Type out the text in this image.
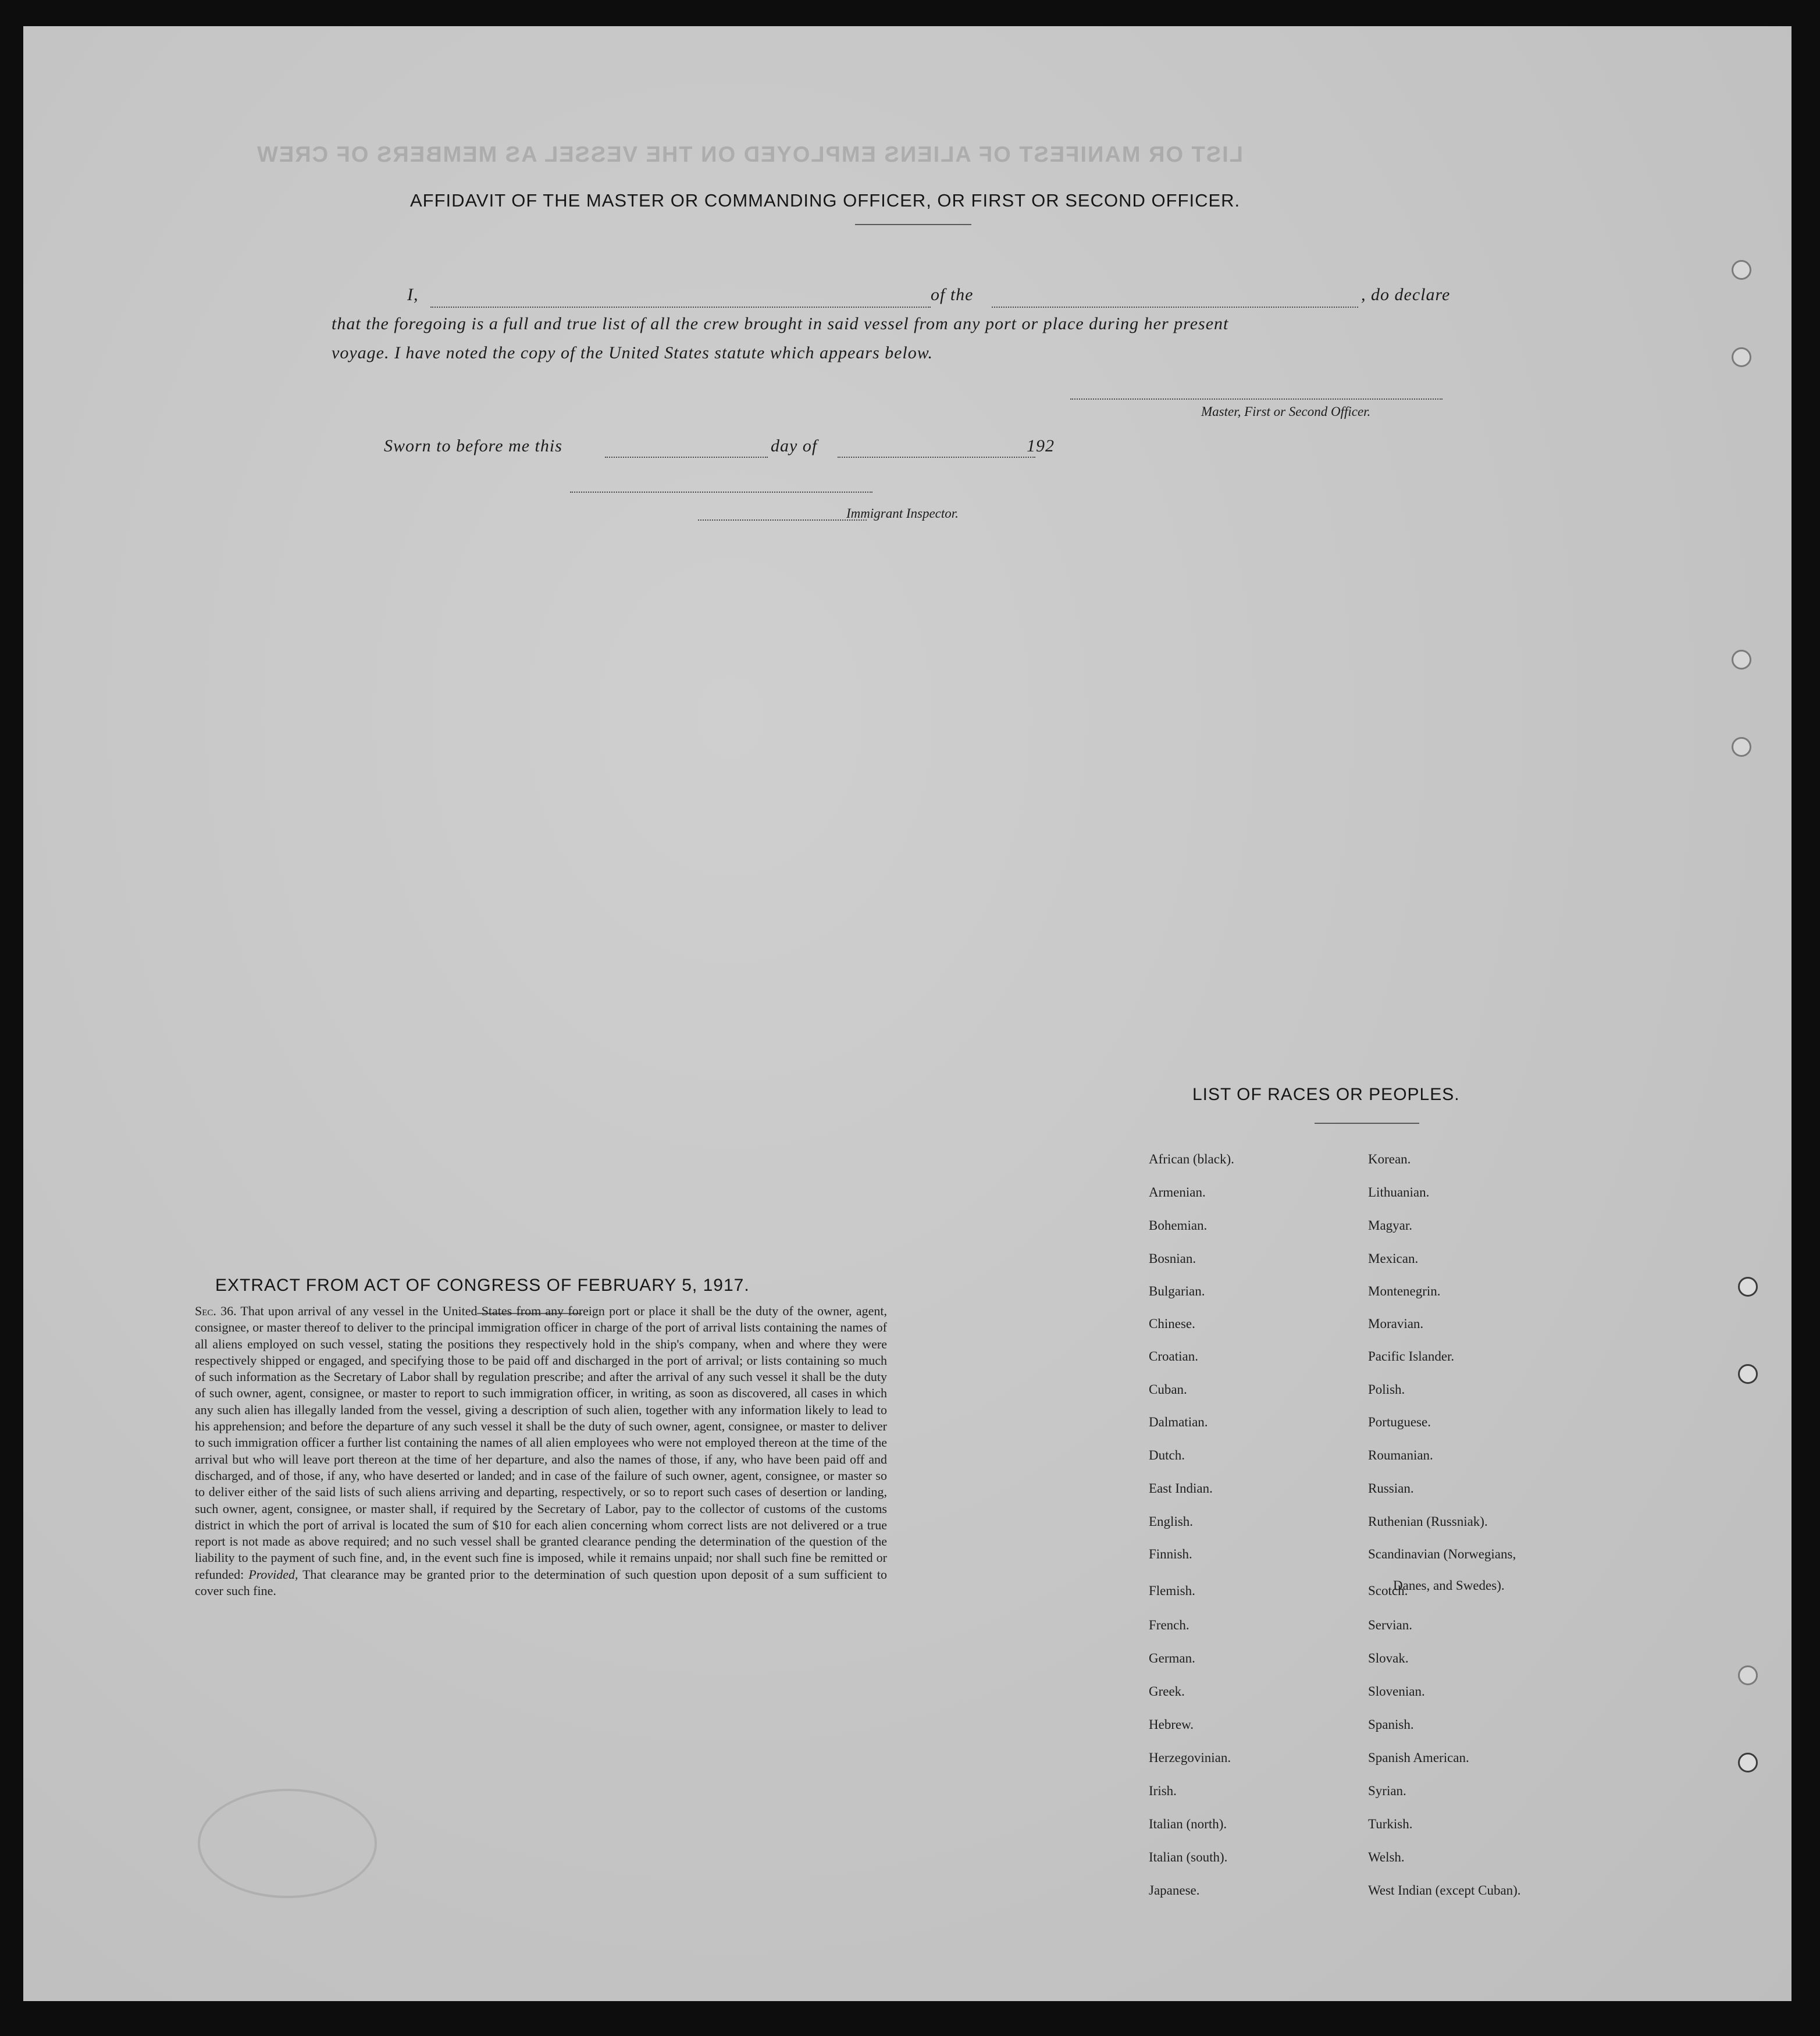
LIST OR MANIFEST OF ALIENS EMPLOYED ON THE VESSEL AS MEMBERS OF CREW
AFFIDAVIT OF THE MASTER OR COMMANDING OFFICER, OR FIRST OR SECOND OFFICER.
I,	of the	, do declare
that the foregoing is a full and true list of all the crew brought in said vessel from any port or place during her present
voyage. I have noted the copy of the United States statute which appears below.
Master, First or Second Officer.
Sworn to before me this	day of	192
Immigrant Inspector.
EXTRACT FROM ACT OF CONGRESS OF FEBRUARY 5, 1917.
Sec. 36. That upon arrival of any vessel in the United States from any foreign port or place it shall be the duty of the owner, agent, consignee, or master thereof to deliver to the principal immigration officer in charge of the port of arrival lists containing the names of all aliens employed on such vessel, stating the positions they respectively hold in the ship's company, when and where they were respectively shipped or engaged, and specifying those to be paid off and discharged in the port of arrival; or lists containing so much of such information as the Secretary of Labor shall by regulation prescribe; and after the arrival of any such vessel it shall be the duty of such owner, agent, consignee, or master to report to such immigration officer, in writing, as soon as discovered, all cases in which any such alien has illegally landed from the vessel, giving a description of such alien, together with any information likely to lead to his apprehension; and before the departure of any such vessel it shall be the duty of such owner, agent, consignee, or master to deliver to such immigration officer a further list containing the names of all alien employees who were not employed thereon at the time of the arrival but who will leave port thereon at the time of her departure, and also the names of those, if any, who have been paid off and discharged, and of those, if any, who have deserted or landed; and in case of the failure of such owner, agent, consignee, or master so to deliver either of the said lists of such aliens arriving and departing, respectively, or so to report such cases of desertion or landing, such owner, agent, consignee, or master shall, if required by the Secretary of Labor, pay to the collector of customs of the customs district in which the port of arrival is located the sum of $10 for each alien concerning whom correct lists are not delivered or a true report is not made as above required; and no such vessel shall be granted clearance pending the determination of the question of the liability to the payment of such fine, and, in the event such fine is imposed, while it remains unpaid; nor shall such fine be remitted or refunded: Provided, That clearance may be granted prior to the determination of such question upon deposit of a sum sufficient to cover such fine.
LIST OF RACES OR PEOPLES.
Danes, and Swedes).
African (black).
Armenian.
Bohemian.
Bosnian.
Bulgarian.
Chinese.
Croatian.
Cuban.
Dalmatian.
Dutch.
East Indian.
English.
Finnish.
Flemish.
French.
German.
Greek.
Hebrew.
Herzegovinian.
Irish.
Italian (north).
Italian (south).
Japanese.
Korean.
Lithuanian.
Magyar.
Mexican.
Montenegrin.
Moravian.
Pacific Islander.
Polish.
Portuguese.
Roumanian.
Russian.
Ruthenian (Russniak).
Scandinavian (Norwegians,
Scotch.
Servian.
Slovak.
Slovenian.
Spanish.
Spanish American.
Syrian.
Turkish.
Welsh.
West Indian (except Cuban).
